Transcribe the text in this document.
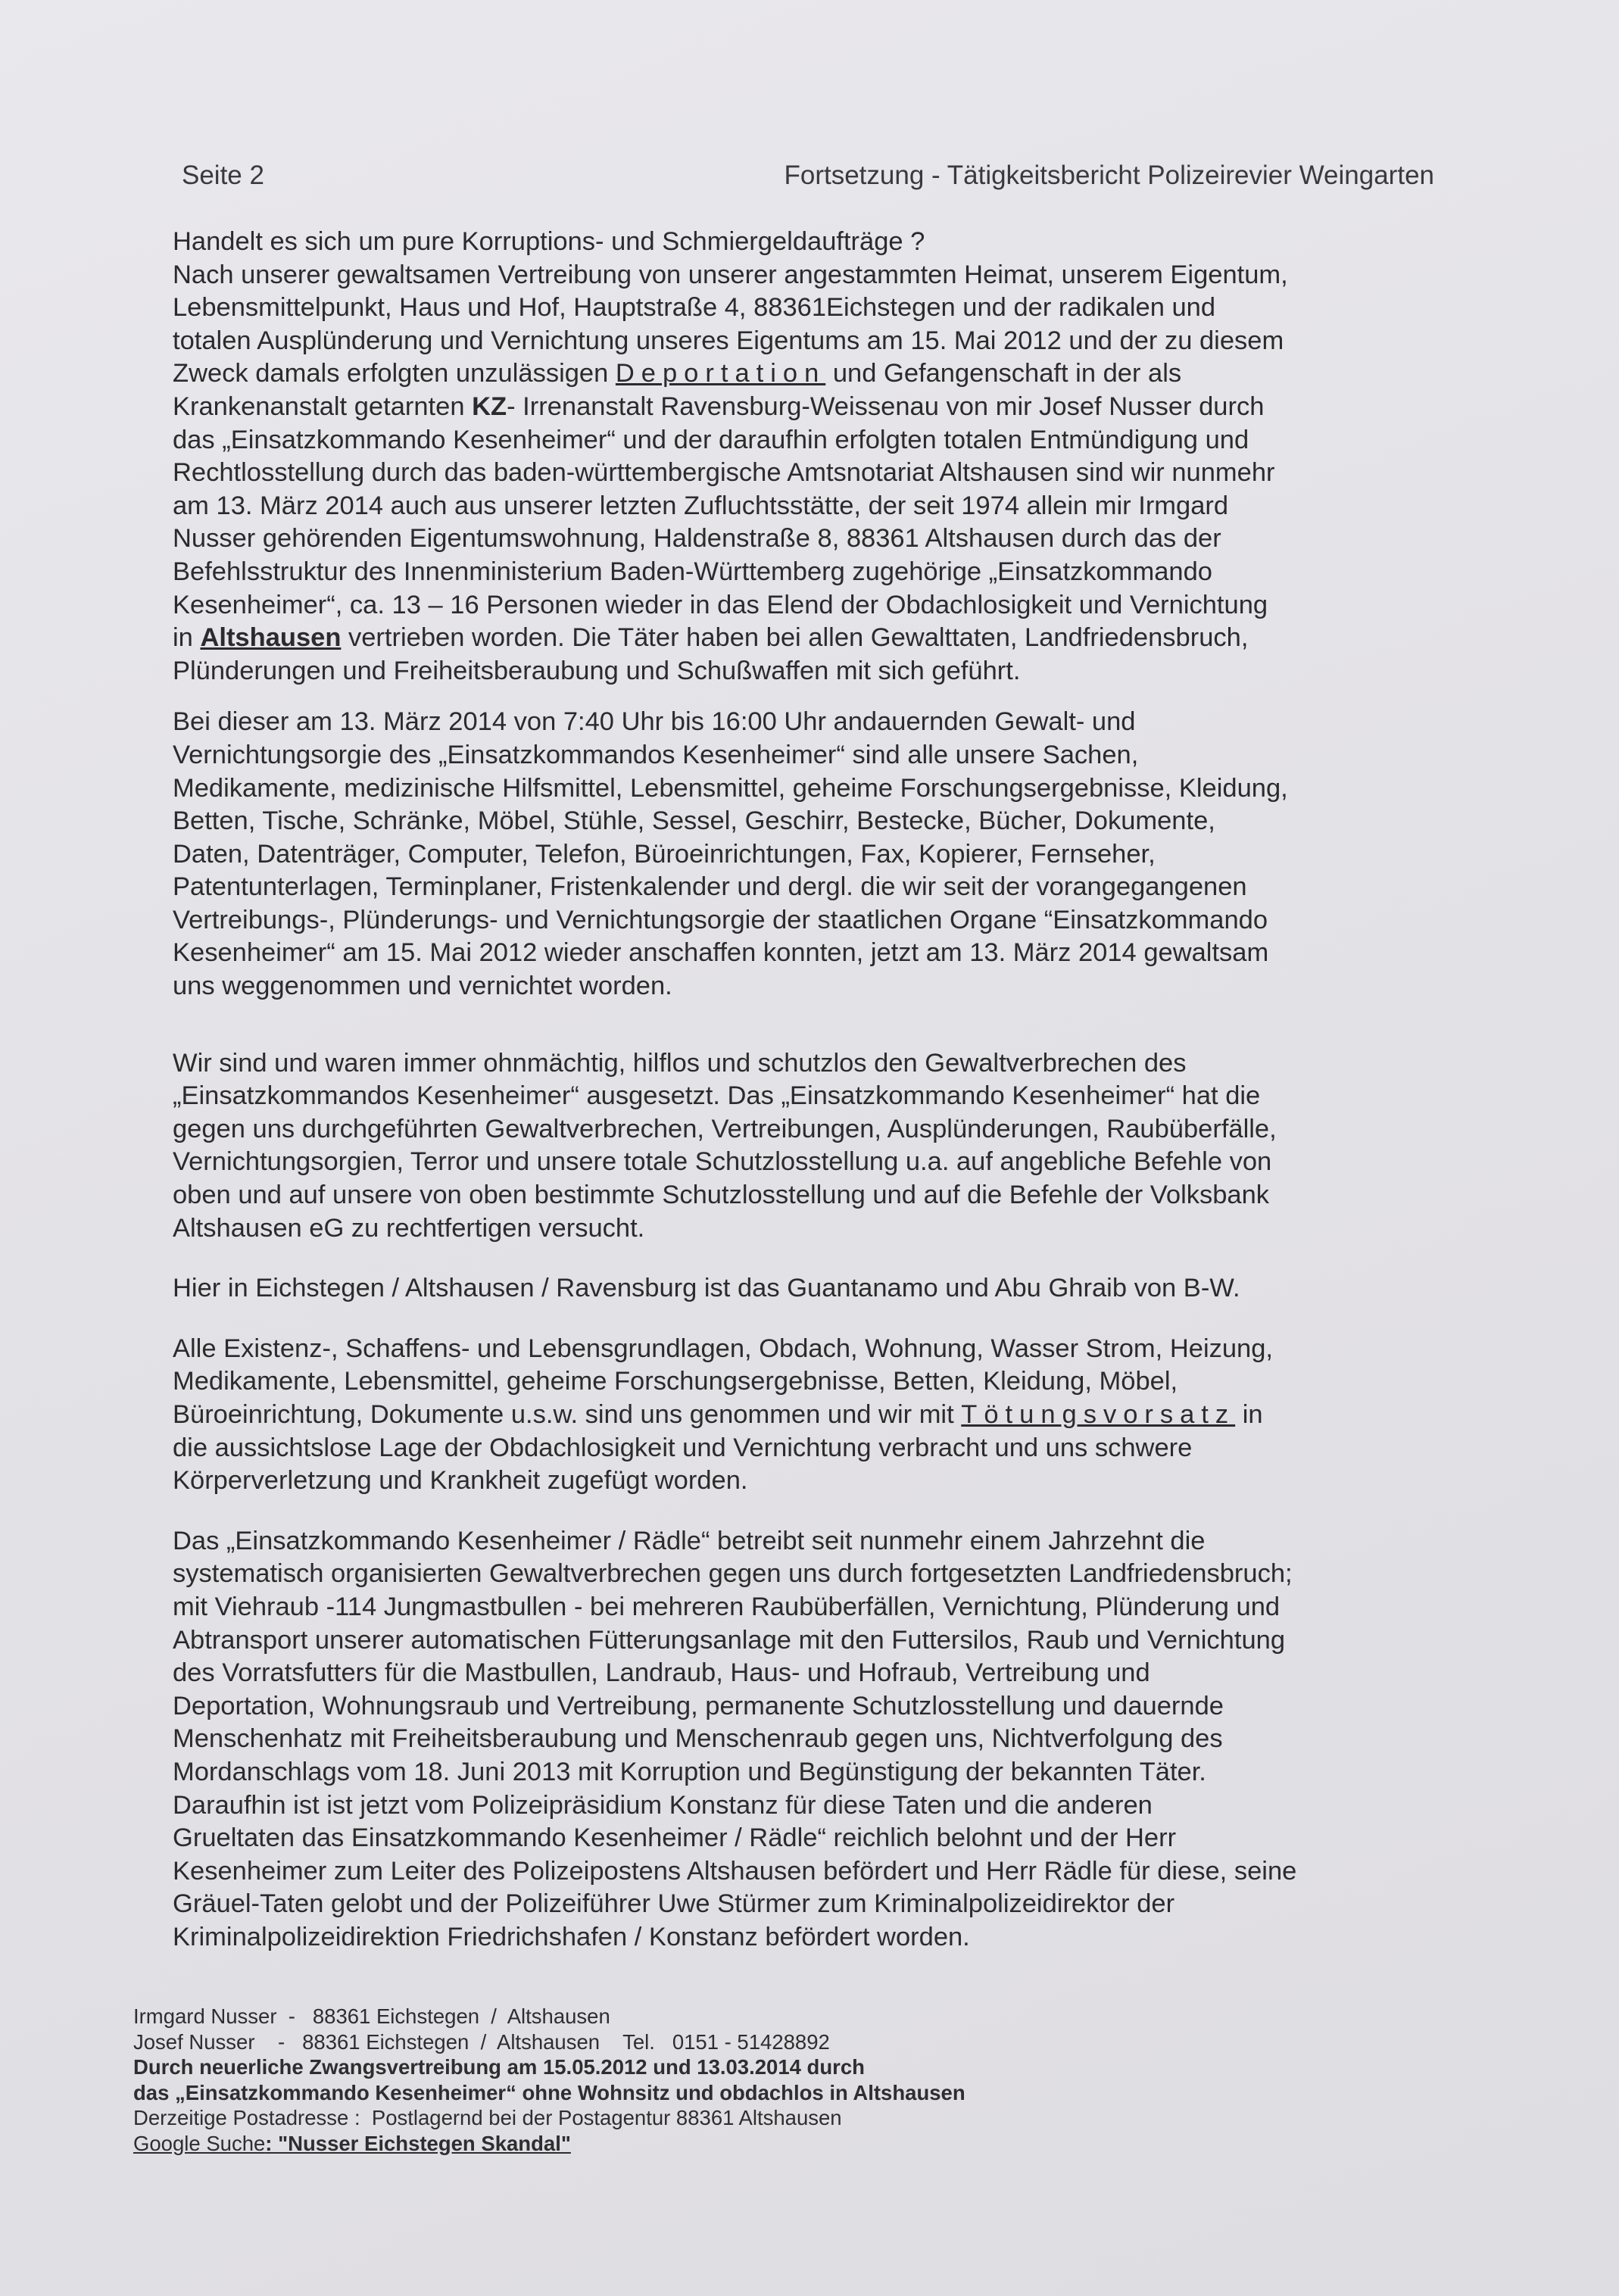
Seite 2	Fortsetzung - Tätigkeitsbericht Polizeirevier Weingarten
Handelt es sich um pure Korruptions- und Schmiergeldaufträge ?
Nach unserer gewaltsamen Vertreibung von unserer angestammten Heimat, unserem Eigentum,
Lebensmittelpunkt, Haus und Hof, Hauptstraße 4, 88361Eichstegen und der radikalen und
totalen Ausplünderung und Vernichtung unseres Eigentums am 15. Mai 2012 und der zu diesem
Zweck damals erfolgten unzulässigen Deportation und Gefangenschaft in der als
Krankenanstalt getarnten KZ- Irrenanstalt Ravensburg-Weissenau von mir Josef Nusser durch
das „Einsatzkommando Kesenheimer“ und der daraufhin erfolgten totalen Entmündigung und
Rechtlosstellung durch das baden-württembergische Amtsnotariat Altshausen sind wir nunmehr
am 13. März 2014 auch aus unserer letzten Zufluchtsstätte, der seit 1974 allein mir Irmgard
Nusser gehörenden Eigentumswohnung, Haldenstraße 8, 88361 Altshausen durch das der
Befehlsstruktur des Innenministerium Baden-Württemberg zugehörige „Einsatzkommando
Kesenheimer“, ca. 13 – 16 Personen wieder in das Elend der Obdachlosigkeit und Vernichtung
in Altshausen vertrieben worden. Die Täter haben bei allen Gewalttaten, Landfriedensbruch,
Plünderungen und Freiheitsberaubung und Schußwaffen mit sich geführt.
Bei dieser am 13. März 2014 von 7:40 Uhr bis 16:00 Uhr andauernden Gewalt- und
Vernichtungsorgie des „Einsatzkommandos Kesenheimer“ sind alle unsere Sachen,
Medikamente, medizinische Hilfsmittel, Lebensmittel, geheime Forschungsergebnisse, Kleidung,
Betten, Tische, Schränke, Möbel, Stühle, Sessel, Geschirr, Bestecke, Bücher, Dokumente,
Daten, Datenträger, Computer, Telefon, Büroeinrichtungen, Fax, Kopierer, Fernseher,
Patentunterlagen, Terminplaner, Fristenkalender und dergl. die wir seit der vorangegangenen
Vertreibungs-, Plünderungs- und Vernichtungsorgie der staatlichen Organe “Einsatzkommando
Kesenheimer“ am 15. Mai 2012 wieder anschaffen konnten, jetzt am 13. März 2014 gewaltsam
uns weggenommen und vernichtet worden.
Wir sind und waren immer ohnmächtig, hilflos und schutzlos den Gewaltverbrechen des
„Einsatzkommandos Kesenheimer“ ausgesetzt. Das „Einsatzkommando Kesenheimer“ hat die
gegen uns durchgeführten Gewaltverbrechen, Vertreibungen, Ausplünderungen, Raubüberfälle,
Vernichtungsorgien, Terror und unsere totale Schutzlosstellung u.a. auf angebliche Befehle von
oben und auf unsere von oben bestimmte Schutzlosstellung und auf die Befehle der Volksbank
Altshausen eG zu rechtfertigen versucht.
Hier in Eichstegen / Altshausen / Ravensburg ist das Guantanamo und Abu Ghraib von B-W.
Alle Existenz-, Schaffens- und Lebensgrundlagen, Obdach, Wohnung, Wasser Strom, Heizung,
Medikamente, Lebensmittel, geheime Forschungsergebnisse, Betten, Kleidung, Möbel,
Büroeinrichtung, Dokumente u.s.w. sind uns genommen und wir mit Tötungsvorsatz in
die aussichtslose Lage der Obdachlosigkeit und Vernichtung verbracht und uns schwere
Körperverletzung und Krankheit zugefügt worden.
Das „Einsatzkommando Kesenheimer / Rädle“ betreibt seit nunmehr einem Jahrzehnt die
systematisch organisierten Gewaltverbrechen gegen uns durch fortgesetzten Landfriedensbruch;
mit Viehraub -114 Jungmastbullen - bei mehreren Raubüberfällen, Vernichtung, Plünderung und
Abtransport unserer automatischen Fütterungsanlage mit den Futtersilos, Raub und Vernichtung
des Vorratsfutters für die Mastbullen, Landraub, Haus- und Hofraub, Vertreibung und
Deportation, Wohnungsraub und Vertreibung, permanente Schutzlosstellung und dauernde
Menschenhatz mit Freiheitsberaubung und Menschenraub gegen uns, Nichtverfolgung des
Mordanschlags vom 18. Juni 2013 mit Korruption und Begünstigung der bekannten Täter.
Daraufhin ist ist jetzt vom Polizeipräsidium Konstanz für diese Taten und die anderen
Grueltaten das Einsatzkommando Kesenheimer / Rädle“ reichlich belohnt und der Herr
Kesenheimer zum Leiter des Polizeipostens Altshausen befördert und Herr Rädle für diese, seine
Gräuel-Taten gelobt und der Polizeiführer Uwe Stürmer zum Kriminalpolizeidirektor der
Kriminalpolizeidirektion Friedrichshafen / Konstanz befördert worden.
Irmgard Nusser  -   88361 Eichstegen  /  Altshausen
Josef Nusser    -   88361 Eichstegen  /  Altshausen    Tel.   0151 - 51428892
Durch neuerliche Zwangsvertreibung am 15.05.2012 und 13.03.2014 durch
das „Einsatzkommando Kesenheimer“ ohne Wohnsitz und obdachlos in Altshausen
Derzeitige Postadresse :  Postlagernd bei der Postagentur 88361 Altshausen
Google Suche: "Nusser Eichstegen Skandal"
